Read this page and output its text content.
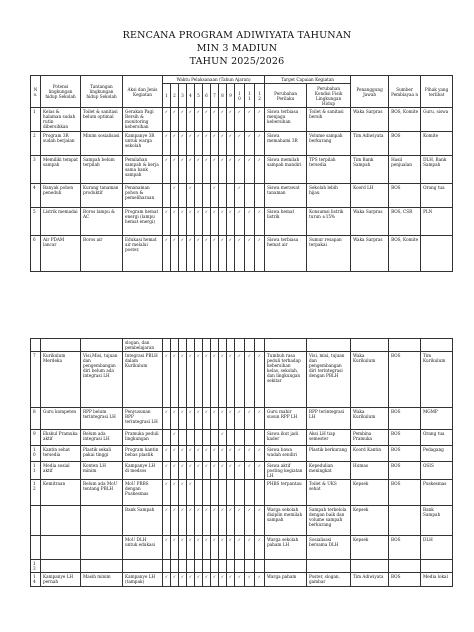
RENCANA PROGRAM ADIWIYATA TAHUNAN
MIN 3 MADIUN
TAHUN 2025/2026
No.	Potensi lingkungan hidup Sekolah	Tantangan lingkungan hidup Sekolah	Aksi dan Jenis Kegiatan	Waktu Pelaksanaan (Tahun Ajaran)												Target Capaian Kegiatan		Penanggung Jawab	Sumber Pembiayaa n	Pihak yang terlibat
				1	2	3	4	5	6	7	8	9	1 0	11	12	Perubahan Perilaku	Perubahan Kondisi Fisik Lingkungan Hidup			
1	Kelas & halaman sudah rutin dibersihkan	Toilet & sanitasi belum optimal	Gerakan Pagi Bersih & monitoring kebersihan	✓	✓	✓	✓	✓	✓	✓	✓	✓	✓	✓	✓	Siswa terbiasa menjaga kebersihan	Toilet & sanitasi bersih	Waka Sarpras	BOS, Komite	Guru, siswa
2	Program 3R sudah berjalan	Minim sosialisasi	Kampanye 3R untuk warga sekolah	✓	✓	✓	✓	✓	✓	✓	✓	✓	✓	✓	✓	Siswa memahami 3R	Volume sampah berkurang	Tim Adiwiyata	BOS	Komite
3	Memiliki tempat sampah	Sampah belum terpilah	Pemilahan sampah & kerja sama bank sampah	✓	✓	✓	✓	✓	✓	✓	✓	✓	✓	✓	✓	Siswa memilah sampah mandiri	TPS terpilah tersedia	Tim Bank Sampah	Hasil penjualan	DLH, Bank Sampah
4	Banyak pohon peneduh	Kurang tanaman produktif	Penanaman pohon & pemeliharaan		✓		✓			✓			✓			Siswa merawat tanaman	Sekolah lebih hijau	Koord LH	BOS	Orang tua
5	Listrik memadai	Boros lampu & AC	Program hemat energi (lampu hemat energi)	✓	✓	✓	✓	✓	✓	✓	✓	✓	✓	✓	✓	Siswa hemat listrik	Konsumsi listrik turun ±15%	Waka Sarpras	BOS, CSR	PLN
6	Air PDAM lancar	Boros air	Edukasi hemat air melalui poster,	✓	✓	✓	✓	✓	✓	✓	✓	✓	✓	✓	✓	Siswa terbiasa hemat air	Sumur resapan terpakai	Waka Sarpras	BOS, Komite	
			slogan, dan pembelajaran																	
7	Kurikulum Merdeka	Visi,Misi, tujuan dan pengembangan diri belum ada integrasi LH	Integrasi PBLH dalam Kurikulum	✓	✓	✓	✓	✓	✓	✓	✓	✓	✓	✓	✓	Tumbuh rasa peduli terhadap kebersihan kelas, sekolah, dan lingkungan sekitar	Visi, misi, tujuan dan pengembangan diri terintegrasi dengan PBLH	Waka Kurikulum	BOS	Tim Kurikulum
8	Guru kompeten	RPP belum terintegrasi LH	Penyusunan RPP terintegrasi LH	✓	✓	✓	✓	✓	✓	✓	✓	✓	✓	✓	✓	Guru mahir susun RPP LH	RPP terintegrasi LH	Waka Kurikulum	BOS	MGMP
9	Ekskul Pramuka aktif	Belum ada integrasi LH	Pramuka peduli lingkungan		✓						✓					Siswa ikut jadi kader	Aksi LH tiap semester	Pembina Pramuka	BOS	Orang tua
10	Kantin sehat tersedia	Plastik sekali pakai tinggi	Program kantin bebas plastik	✓	✓	✓	✓	✓	✓	✓	✓	✓	✓	✓	✓	Siswa bawa wadah sendiri	Plastik berkurang	Koord Kantin	BOS	Pedagang
11	Media sosial aktif	Konten LH minim	Kampanye LH di medsos	✓	✓	✓	✓	✓	✓	✓	✓	✓	✓	✓	✓	Siswa aktif posting kegiatan LH	Kepedulian meningkat	Humas	BOS	OSIS
12	Kemitraan	Belum ada MoU tentang PBLH	MoU PBBS dengan Puskesmas	✓	✓	✓	✓									PHBS terpantau	Toilet & UKS sehat	Kepsek	BOS	Puskesmas
			Bank Sampah	✓	✓	✓	✓	✓	✓	✓	✓	✓	✓	✓	✓	Warga sekolah disiplin memilah sampah	Sampah terkelola dengan baik dan volume sampah berkurang	Kepsek		Bank Sampah
			MoU DLH untuk edukasi	✓	✓	✓	✓	✓	✓	✓	✓	✓	✓	✓	✓	Warga sekolah paham LH	Sosialisasi bersama DLH	Kepsek	BOS	DLH
13																				
14	Kampanye LH pernah	Masih minim	Kampanye LH (tampak)	✓	✓	✓	✓	✓	✓	✓	✓	✓	✓	✓	✓	Warga paham	Poster, slogan, gambar	Tim Adiwiyata	BOS	Media lokal
